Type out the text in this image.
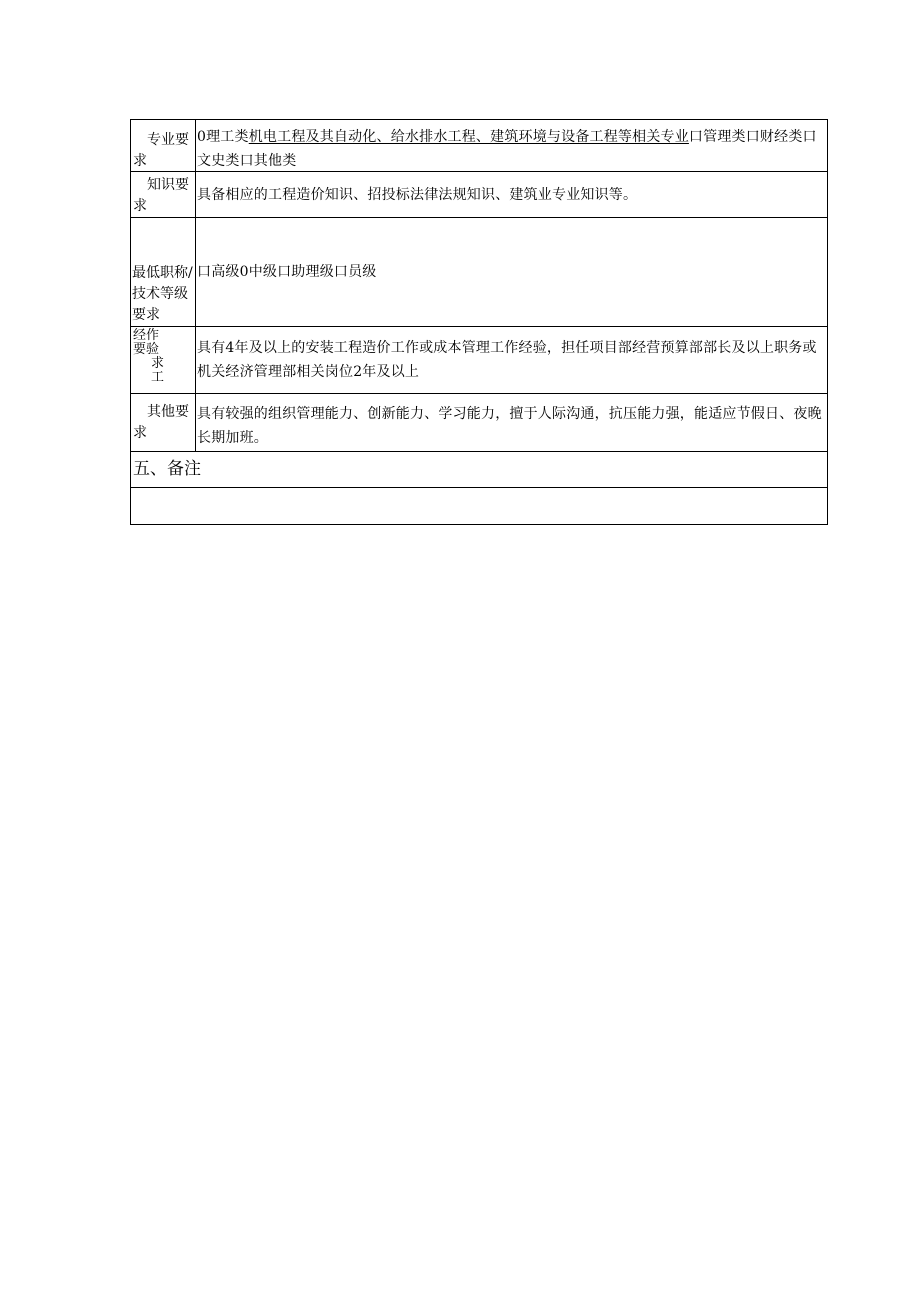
专业要求
0理工类机电工程及其自动化、给水排水工程、建筑环境与设备工程等相关专业口管理类口财经类口文史类口其他类
知识要求
具备相应的工程造价知识、招投标法律法规知识、建筑业专业知识等。
最低职称/技术等级要求
口高级0中级口助理级口员级
经作
要验
求
工
具有4年及以上的安装工程造价工作或成本管理工作经验，担任项目部经营预算部部长及以上职务或机关经济管理部相关岗位2年及以上
其他要求
具有较强的组织管理能力、创新能力、学习能力，擅于人际沟通，抗压能力强，能适应节假日、夜晚长期加班。
五、备注
